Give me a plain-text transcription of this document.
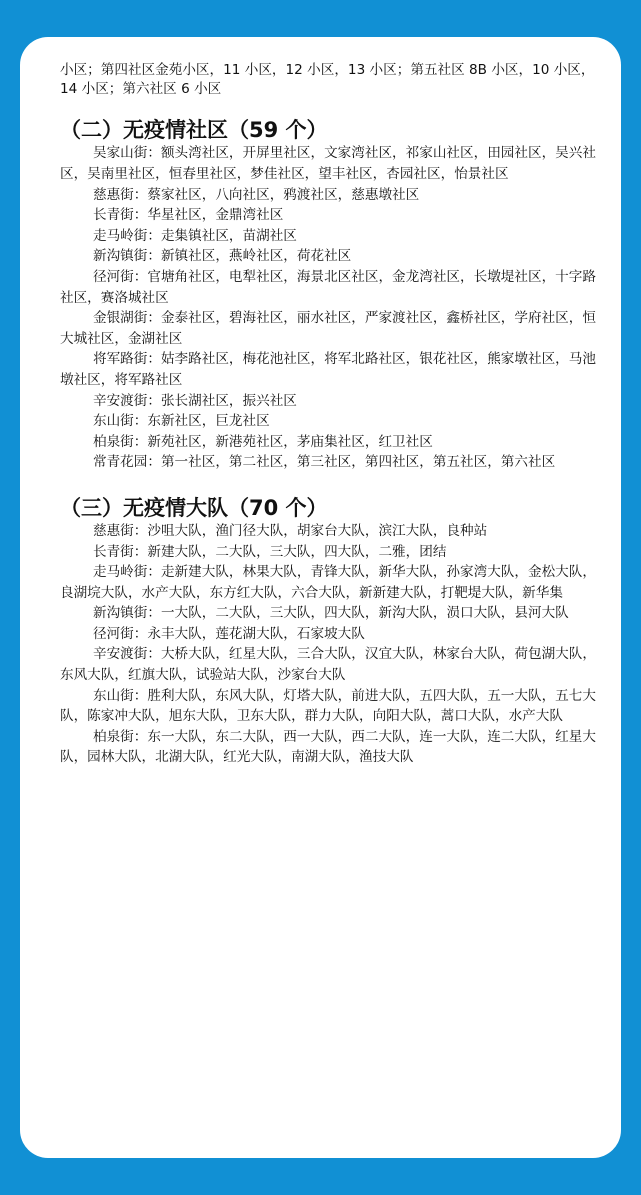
小区；第四社区金苑小区，11 小区，12 小区，13 小区；第五社区 8B 小区，10 小区，14 小区；第六社区 6 小区

（二）无疫情社区（59 个）

吴家山街：额头湾社区，开屏里社区，文家湾社区，祁家山社区，田园社区，吴兴社区，吴南里社区，恒春里社区，梦佳社区，望丰社区，杏园社区，怡景社区

慈惠街：蔡家社区，八向社区，鸦渡社区，慈惠墩社区

长青街：华星社区，金鼎湾社区

走马岭街：走集镇社区，苗湖社区

新沟镇街：新镇社区，燕岭社区，荷花社区

径河街：官塘角社区，电犁社区，海景北区社区，金龙湾社区，长墩堤社区，十字路社区，赛洛城社区

金银湖街：金泰社区，碧海社区，丽水社区，严家渡社区，鑫桥社区，学府社区，恒大城社区，金湖社区

将军路街：姑李路社区，梅花池社区，将军北路社区，银花社区，熊家墩社区，马池墩社区，将军路社区

辛安渡街：张长湖社区，振兴社区

东山街：东新社区，巨龙社区

柏泉街：新苑社区，新港苑社区，茅庙集社区，红卫社区

常青花园：第一社区，第二社区，第三社区，第四社区，第五社区，第六社区

（三）无疫情大队（70 个）

慈惠街：沙咀大队，渔门径大队，胡家台大队，滨江大队，良种站

长青街：新建大队，二大队，三大队，四大队，二雅，团结

走马岭街：走新建大队，林果大队，青锋大队，新华大队，孙家湾大队，金松大队，良湖垸大队，水产大队，东方红大队，六合大队，新新建大队，打靶堤大队，新华集

新沟镇街：一大队，二大队，三大队，四大队，新沟大队，涢口大队，县河大队

径河街：永丰大队，莲花湖大队，石家坡大队

辛安渡街：大桥大队，红星大队，三合大队，汉宜大队，林家台大队，荷包湖大队，东风大队，红旗大队，试验站大队，沙家台大队

东山街：胜利大队，东风大队，灯塔大队，前进大队，五四大队，五一大队，五七大队，陈家冲大队，旭东大队，卫东大队，群力大队，向阳大队，蒿口大队，水产大队

柏泉街：东一大队，东二大队，西一大队，西二大队，连一大队，连二大队，红星大队，园林大队，北湖大队，红光大队，南湖大队，渔技大队
